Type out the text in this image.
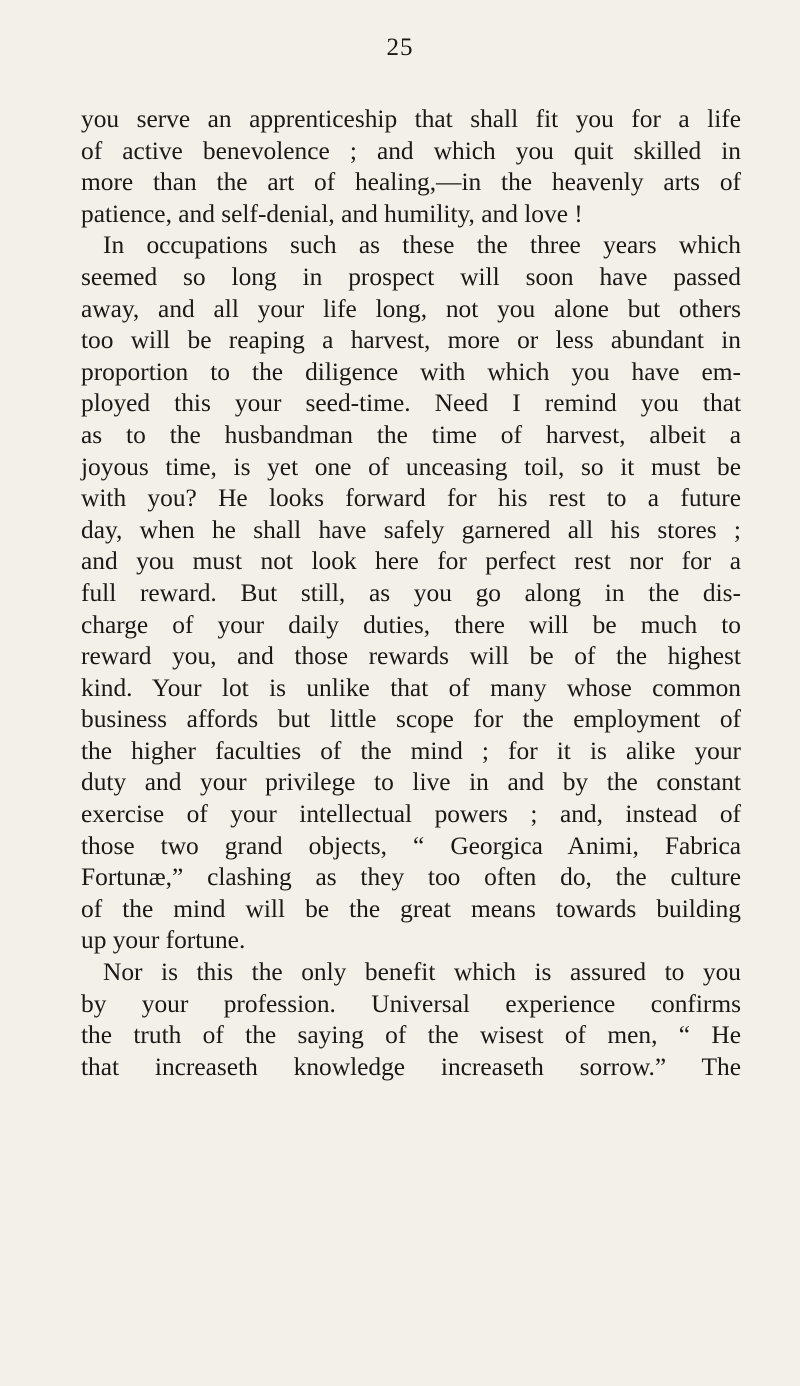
25
you serve an apprenticeship that shall fit you for a life
of active benevolence ; and which you quit skilled in
more than the art of healing,—in the heavenly arts of
patience, and self-denial, and humility, and love !
In occupations such as these the three years which
seemed so long in prospect will soon have passed
away, and all your life long, not you alone but others
too will be reaping a harvest, more or less abundant in
proportion to the diligence with which you have em-
ployed this your seed-time. Need I remind you that
as to the husbandman the time of harvest, albeit a
joyous time, is yet one of unceasing toil, so it must be
with you? He looks forward for his rest to a future
day, when he shall have safely garnered all his stores ;
and you must not look here for perfect rest nor for a
full reward. But still, as you go along in the dis-
charge of your daily duties, there will be much to
reward you, and those rewards will be of the highest
kind. Your lot is unlike that of many whose common
business affords but little scope for the employment of
the higher faculties of the mind ; for it is alike your
duty and your privilege to live in and by the constant
exercise of your intellectual powers ; and, instead of
those two grand objects, “ Georgica Animi, Fabrica
Fortunæ,” clashing as they too often do, the culture
of the mind will be the great means towards building
up your fortune.
Nor is this the only benefit which is assured to you
by your profession. Universal experience confirms
the truth of the saying of the wisest of men, “ He
that increaseth knowledge increaseth sorrow.” The
